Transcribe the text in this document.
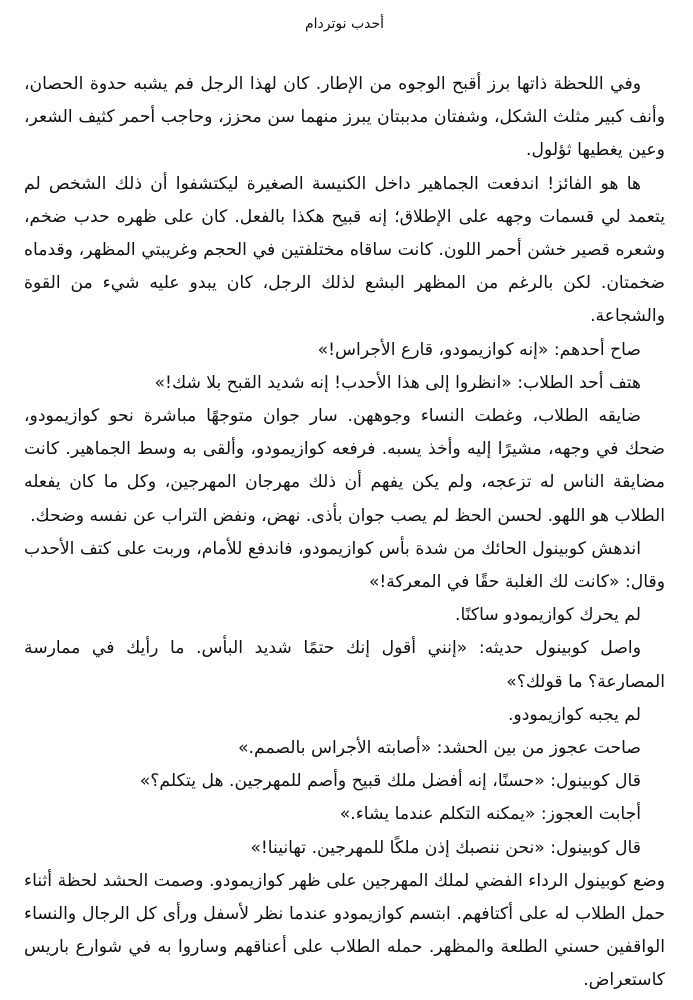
أحدب نوتردام

وفي اللحظة ذاتها برز أقبح الوجوه من الإطار. كان لهذا الرجل فم يشبه حدوة الحصان، وأنف كبير مثلث الشكل، وشفتان مدببتان يبرز منهما سن محزز، وحاجب أحمر كثيف الشعر، وعين يغطيها ثؤلول.

ها هو الفائز! اندفعت الجماهير داخل الكنيسة الصغيرة ليكتشفوا أن ذلك الشخص لم يتعمد لي قسمات وجهه على الإطلاق؛ إنه قبيح هكذا بالفعل. كان على ظهره حدب ضخم، وشعره قصير خشن أحمر اللون. كانت ساقاه مختلفتين في الحجم وغريبتي المظهر، وقدماه ضخمتان. لكن بالرغم من المظهر البشع لذلك الرجل، كان يبدو عليه شيء من القوة والشجاعة.

صاح أحدهم: «إنه كوازيمودو، قارع الأجراس!»

هتف أحد الطلاب: «انظروا إلى هذا الأحدب! إنه شديد القبح بلا شك!»

ضايقه الطلاب، وغطت النساء وجوههن. سار جوان متوجهًا مباشرة نحو كوازيمودو، ضحك في وجهه، مشيرًا إليه وأخذ يسبه. فرفعه كوازيمودو، وألقى به وسط الجماهير. كانت مضايقة الناس له تزعجه، ولم يكن يفهم أن ذلك مهرجان المهرجين، وكل ما كان يفعله الطلاب هو اللهو. لحسن الحظ لم يصب جوان بأذى. نهض، ونفض التراب عن نفسه وضحك.

اندهش كوبينول الحائك من شدة بأس كوازيمودو، فاندفع للأمام، وربت على كتف الأحدب وقال: «كانت لك الغلبة حقًا في المعركة!»

لم يحرك كوازيمودو ساكنًا.

واصل كوبينول حديثه: «إنني أقول إنك حتمًا شديد البأس. ما رأيك في ممارسة المصارعة؟ ما قولك؟»

لم يجبه كوازيمودو.

صاحت عجوز من بين الحشد: «أصابته الأجراس بالصمم.»

قال كوبينول: «حسنًا، إنه أفضل ملك قبيح وأصم للمهرجين. هل يتكلم؟»

أجابت العجوز: «يمكنه التكلم عندما يشاء.»

قال كوبينول: «نحن ننصبك إذن ملكًا للمهرجين. تهانينا!»

وضع كوبينول الرداء الفضي لملك المهرجين على ظهر كوازيمودو. وصمت الحشد لحظة أثناء حمل الطلاب له على أكتافهم. ابتسم كوازيمودو عندما نظر لأسفل ورأى كل الرجال والنساء الواقفين حسني الطلعة والمظهر. حمله الطلاب على أعناقهم وساروا به في شوارع باريس كاستعراض.
